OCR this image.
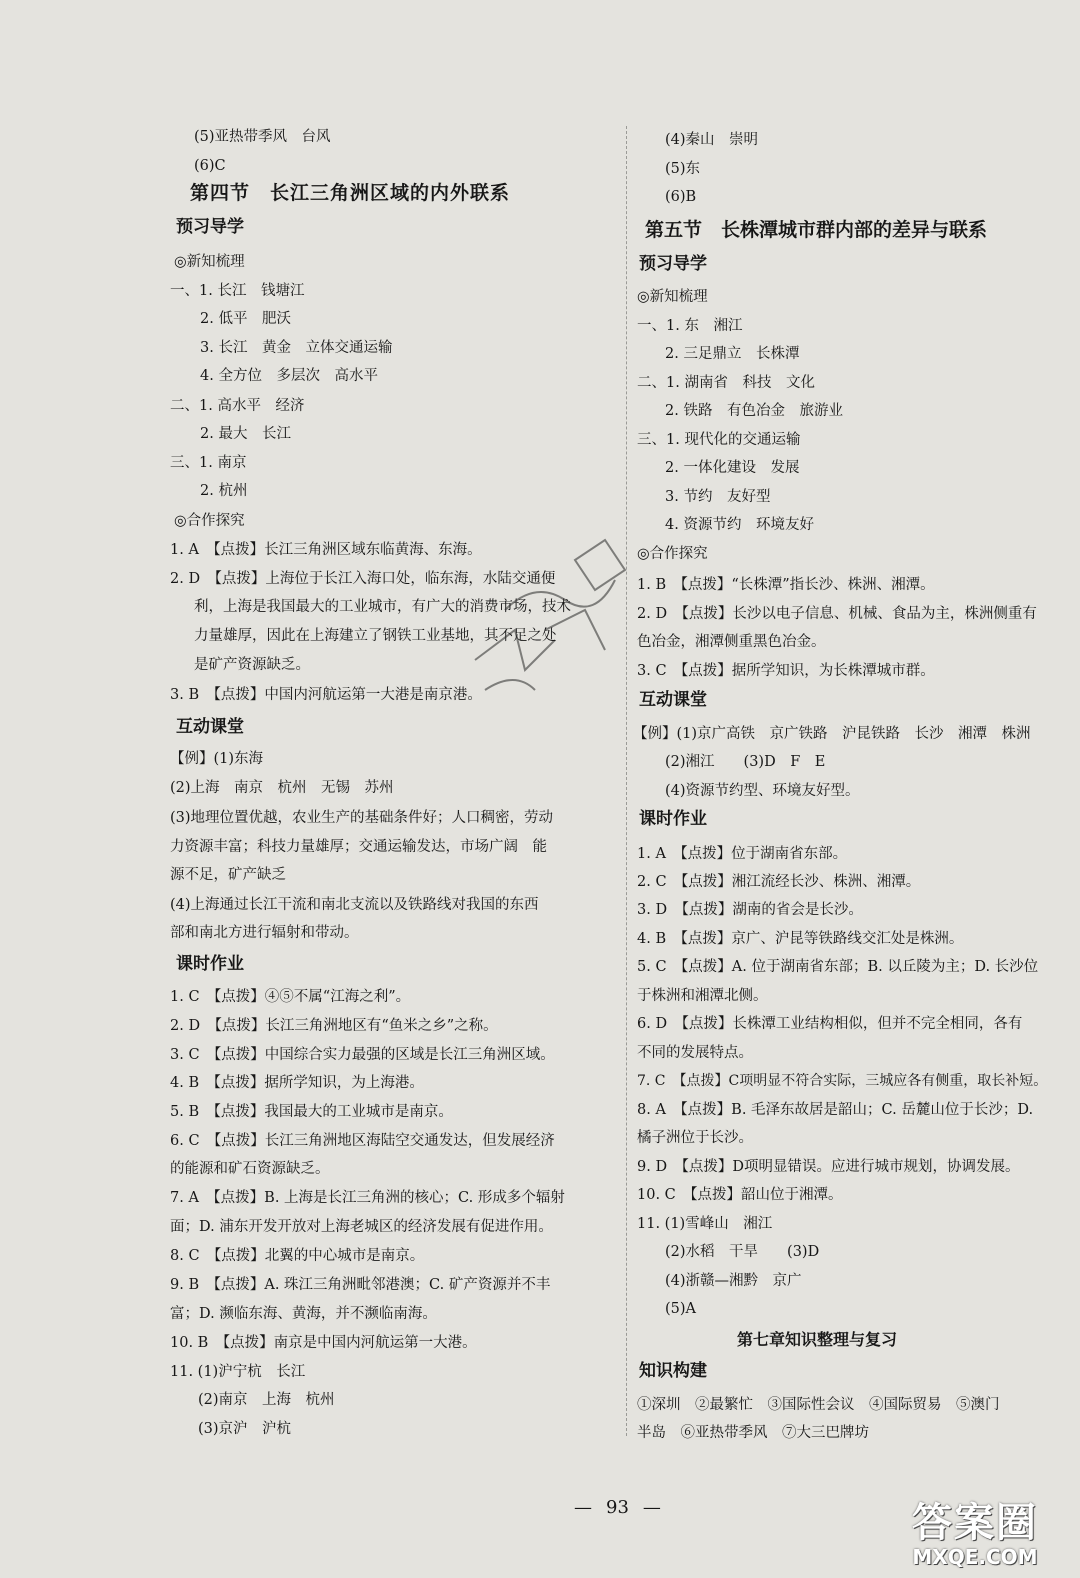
(5)亚热带季风　台风
(6)C
第四节　长江三角洲区域的内外联系
预习导学
◎新知梳理
一、1. 长江　钱塘江
2. 低平　肥沃
3. 长江　黄金　立体交通运输
4. 全方位　多层次　高水平
二、1. 高水平　经济
2. 最大　长江
三、1. 南京
2. 杭州
◎合作探究
1. A　【点拨】长江三角洲区域东临黄海、东海。
2. D　【点拨】上海位于长江入海口处，临东海，水陆交通便
利，上海是我国最大的工业城市，有广大的消费市场，技术
力量雄厚，因此在上海建立了钢铁工业基地，其不足之处
是矿产资源缺乏。
3. B　【点拨】中国内河航运第一大港是南京港。
互动课堂
【例】(1)东海
(2)上海　南京　杭州　无锡　苏州
(3)地理位置优越，农业生产的基础条件好；人口稠密，劳动
力资源丰富；科技力量雄厚；交通运输发达，市场广阔　能
源不足，矿产缺乏
(4)上海通过长江干流和南北支流以及铁路线对我国的东西
部和南北方进行辐射和带动。
课时作业
1. C　【点拨】④⑤不属“江海之利”。
2. D　【点拨】长江三角洲地区有“鱼米之乡”之称。
3. C　【点拨】中国综合实力最强的区域是长江三角洲区域。
4. B　【点拨】据所学知识，为上海港。
5. B　【点拨】我国最大的工业城市是南京。
6. C　【点拨】长江三角洲地区海陆空交通发达，但发展经济
的能源和矿石资源缺乏。
7. A　【点拨】B. 上海是长江三角洲的核心；C. 形成多个辐射
面；D. 浦东开发开放对上海老城区的经济发展有促进作用。
8. C　【点拨】北翼的中心城市是南京。
9. B　【点拨】A. 珠江三角洲毗邻港澳；C. 矿产资源并不丰
富；D. 濒临东海、黄海，并不濒临南海。
10. B　【点拨】南京是中国内河航运第一大港。
11. (1)沪宁杭　长江
(2)南京　上海　杭州
(3)京沪　沪杭
(4)秦山　崇明
(5)东
(6)B
第五节　长株潭城市群内部的差异与联系
预习导学
◎新知梳理
一、1. 东　湘江
2. 三足鼎立　长株潭
二、1. 湖南省　科技　文化
2. 铁路　有色冶金　旅游业
三、1. 现代化的交通运输
2. 一体化建设　发展
3. 节约　友好型
4. 资源节约　环境友好
◎合作探究
1. B　【点拨】“长株潭”指长沙、株洲、湘潭。
2. D　【点拨】长沙以电子信息、机械、食品为主，株洲侧重有
色冶金，湘潭侧重黑色冶金。
3. C　【点拨】据所学知识，为长株潭城市群。
互动课堂
【例】(1)京广高铁　京广铁路　沪昆铁路　长沙　湘潭　株洲
(2)湘江　　(3)D　F　E
(4)资源节约型、环境友好型。
课时作业
1. A　【点拨】位于湖南省东部。
2. C　【点拨】湘江流经长沙、株洲、湘潭。
3. D　【点拨】湖南的省会是长沙。
4. B　【点拨】京广、沪昆等铁路线交汇处是株洲。
5. C　【点拨】A. 位于湖南省东部；B. 以丘陵为主；D. 长沙位
于株洲和湘潭北侧。
6. D　【点拨】长株潭工业结构相似，但并不完全相同，各有
不同的发展特点。
7. C　【点拨】C项明显不符合实际，三城应各有侧重，取长补短。
8. A　【点拨】B. 毛泽东故居是韶山；C. 岳麓山位于长沙；D.
橘子洲位于长沙。
9. D　【点拨】D项明显错误。应进行城市规划，协调发展。
10. C　【点拨】韶山位于湘潭。
11. (1)雪峰山　湘江
(2)水稻　干旱　　(3)D
(4)浙赣—湘黔　京广
(5)A
第七章知识整理与复习
知识构建
①深圳　②最繁忙　③国际性会议　④国际贸易　⑤澳门
半岛　⑥亚热带季风　⑦大三巴牌坊
— 93 —	答案圈
MXQE.COM
